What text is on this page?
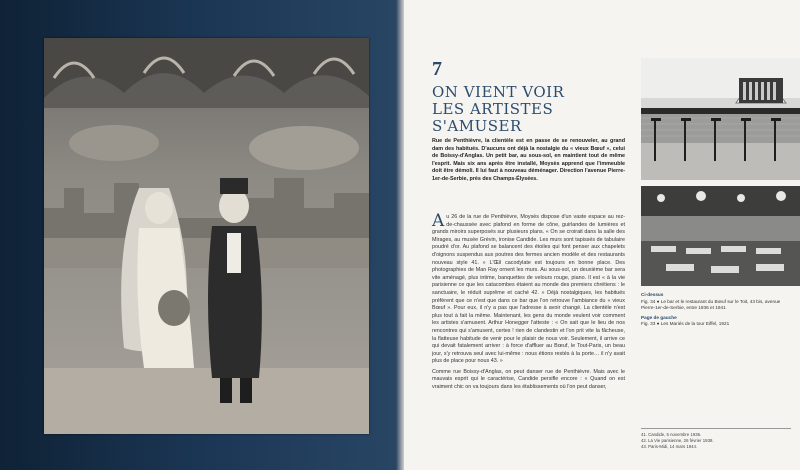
7
ON VIENT VOIR
LES ARTISTES S'AMUSER
Rue de Penthièvre, la clientèle est en passe de se renouveler, au grand dam des habitués. D'aucuns ont déjà la nostalgie du « vieux Bœuf », celui de Boissy-d'Anglas. Un petit bar, au sous-sol, en maintient tout de même l'esprit. Mais six ans après être installé, Moysès apprend que l'immeuble doit être démoli. Il lui faut à nouveau déménager. Direction l'avenue Pierre-1er-de-Serbie, près des Champs-Élysées.

Au 26 de la rue de Penthièvre, Moysès dispose d'un vaste espace au rez-de-chaussée avec plafond en forme de cône, guirlandes de lumières et grands miroirs superposés sur plusieurs plans. « On se croirait dans la salle des Mirages, au musée Grévin, ironise Candide. Les murs sont tapissés de tabulaire poudré d'or. Au plafond se balancent des étoiles qui font penser aux chapelets d'oignons suspendus aux poutres des fermes ancien modèle et des restaurants nouveau style 41. » L'Œil cacodylate est toujours en bonne place. Des photographies de Man Ray ornent les murs. Au sous-sol, un deuxième bar sera vite aménagé, plus intime, banquettes de velours rouge, piano. Il est « à la vie parisienne ce que les catacombes étaient au monde des premiers chrétiens : le sanctuaire, le réduit suprême et caché 42. » Déjà nostalgiques, les habitués préfèrent que ce n'est que dans ce bar que l'on retrouve l'ambiance du « vieux Bœuf ». Pour eux, il n'y a pas que l'adresse à avoir changé. La clientèle n'est plus tout à fait la même. Maintenant, les gens du monde veulent voir comment les artistes s'amusent. Arthur Honegger l'atteste : « On sait que le lieu de nos rencontres qui s'amusent, certes ! rien de clandestin et l'on prit vite la fâcheuse, la flatteuse habitude de venir pour le plaisir de nous voir. Seulement, il arrive ce qui devait fatalement arriver : à force d'affluer au Bœuf, le Tout-Paris, un beau jour, s'y retrouva seul avec lui-même : nous étions restés à la porte… il n'y avait plus de place pour nous 43. »

Comme rue Boissy-d'Anglas, on peut danser rue de Penthièvre. Mais avec le mauvais esprit qui le caractérise, Candide persifle encore : « Quand on est vraiment chic on va toujours dans les établissements où l'on peut danser,

Ci-dessus
Fig. 34 ● Le bar et le restaurant du Bœuf sur le Toit, 43 bis, avenue Pierre-1er-de-Serbie, entre 1936 et 1941
Page de gauche
Fig. 33 ● Les Mariés de la tour Eiffel, 1921
41. Candide, 5 novembre 1936.
42. La Vie parisienne, 26 février 1938.
43. Paris-Midi, 14 mars 1944.
